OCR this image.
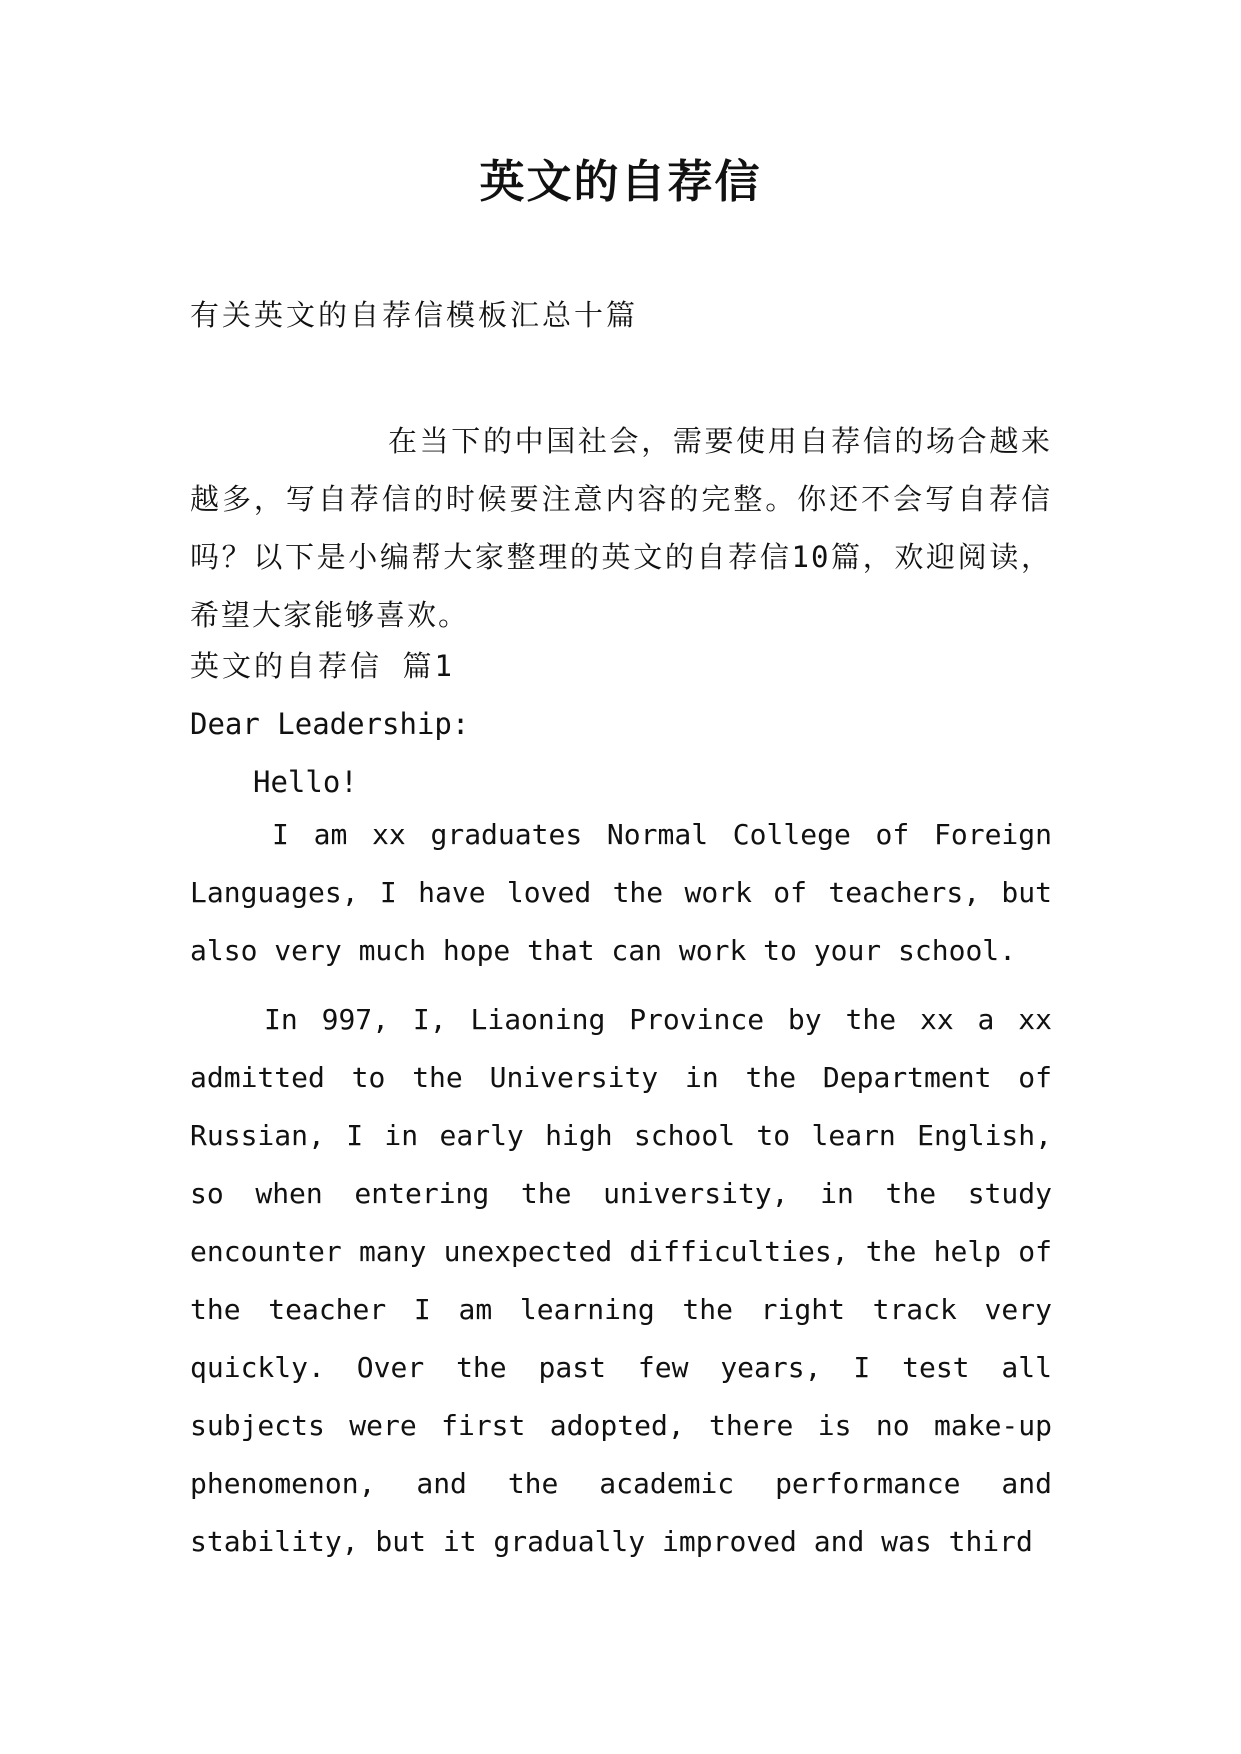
英文的自荐信

有关英文的自荐信模板汇总十篇

在当下的中国社会，需要使用自荐信的场合越来越多，写自荐信的时候要注意内容的完整。你还不会写自荐信吗？以下是小编帮大家整理的英文的自荐信10篇，欢迎阅读，希望大家能够喜欢。

英文的自荐信 篇1

Dear Leadership:

Hello!

I am xx graduates Normal College of Foreign Languages, I have loved the work of teachers, but also very much hope that can work to your school.

In 997, I, Liaoning Province by the xx a xx admitted to the University in the Department of Russian, I in early high school to learn English, so when entering the university, in the study encounter many unexpected difficulties, the help of the teacher I am learning the right track very quickly. Over the past few years, I test all subjects were first adopted, there is no make-up phenomenon, and the academic performance and stability, but it gradually improved and was third
